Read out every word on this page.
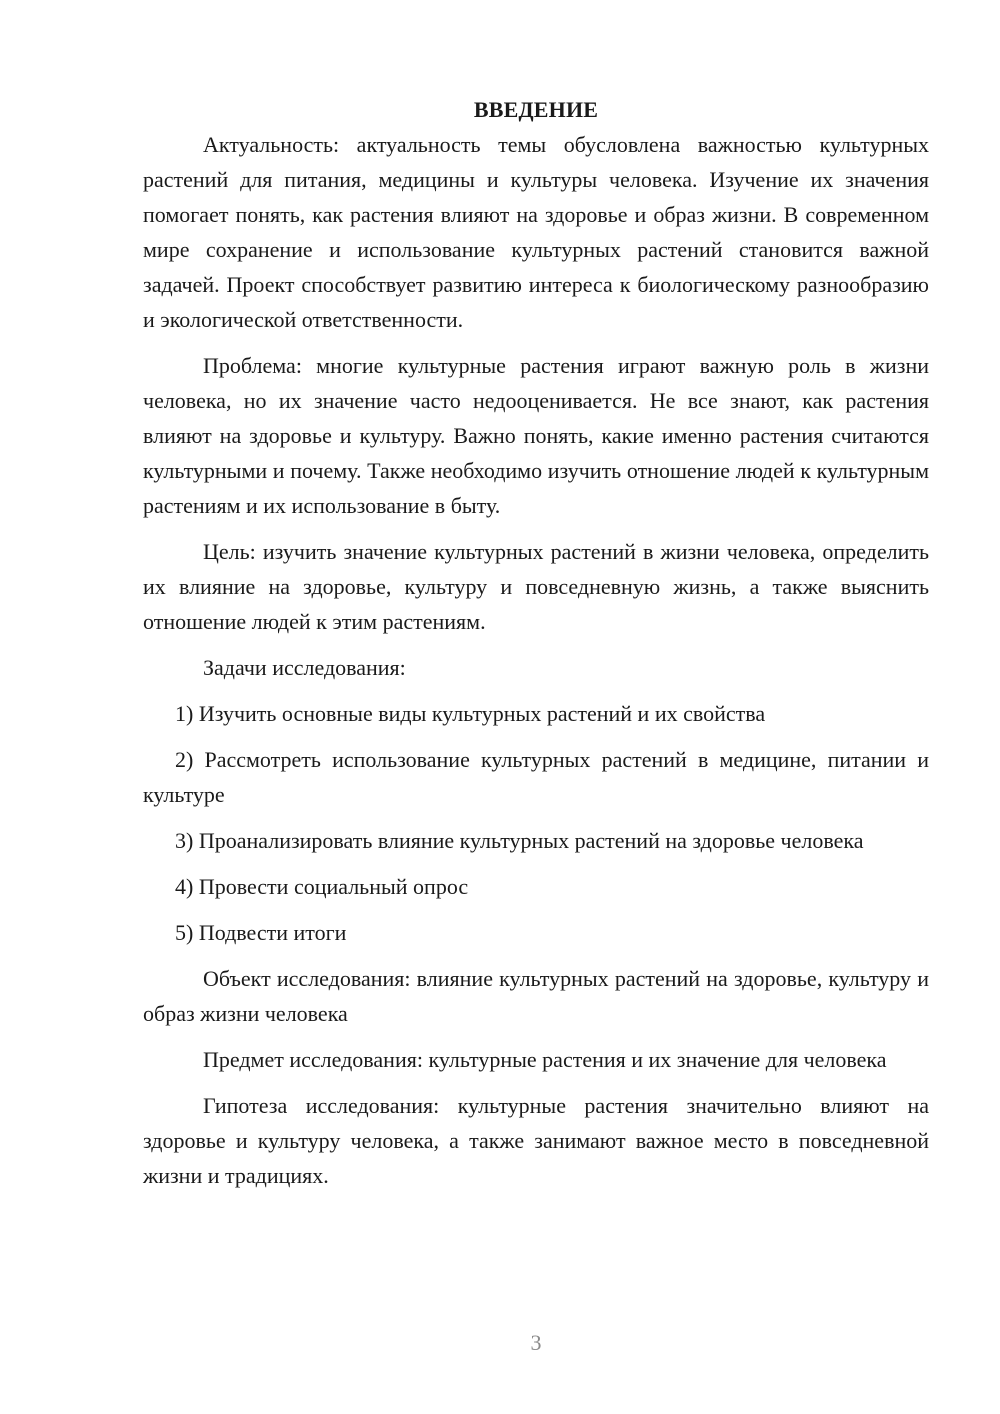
ВВЕДЕНИЕ

Актуальность: актуальность темы обусловлена важностью культурных растений для питания, медицины и культуры человека. Изучение их значения помогает понять, как растения влияют на здоровье и образ жизни. В современном мире сохранение и использование культурных растений становится важной задачей. Проект способствует развитию интереса к биологическому разнообразию и экологической ответственности.

Проблема: многие культурные растения играют важную роль в жизни человека, но их значение часто недооценивается. Не все знают, как растения влияют на здоровье и культуру. Важно понять, какие именно растения считаются культурными и почему. Также необходимо изучить отношение людей к культурным растениям и их использование в быту.

Цель: изучить значение культурных растений в жизни человека, определить их влияние на здоровье, культуру и повседневную жизнь, а также выяснить отношение людей к этим растениям.

Задачи исследования:

1) Изучить основные виды культурных растений и их свойства

2) Рассмотреть использование культурных растений в медицине, питании и культуре

3) Проанализировать влияние культурных растений на здоровье человека

4) Провести социальный опрос

5) Подвести итоги

Объект исследования: влияние культурных растений на здоровье, культуру и образ жизни человека

Предмет исследования: культурные растения и их значение для человека

Гипотеза исследования: культурные растения значительно влияют на здоровье и культуру человека, а также занимают важное место в повседневной жизни и традициях.

3
